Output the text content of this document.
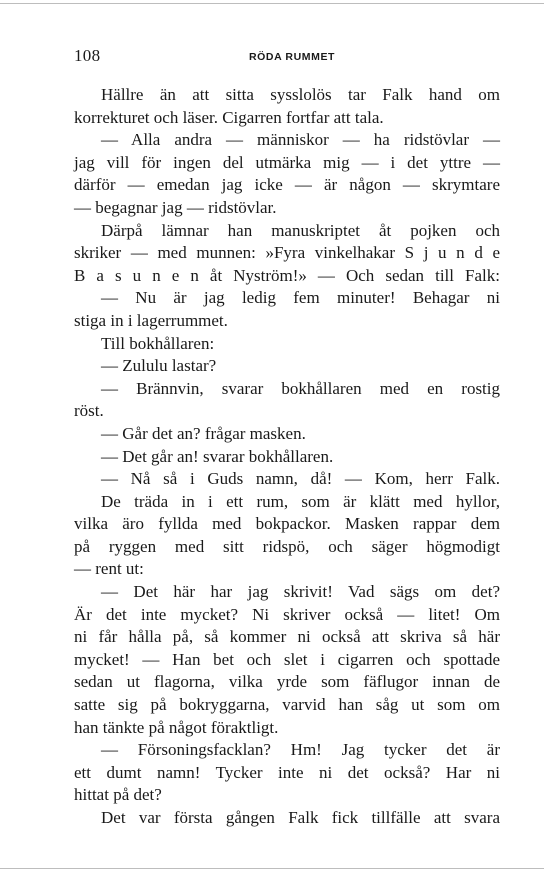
108	RÖDA RUMMET
Hällre än att sitta sysslolös tar Falk hand om
korrekturet och läser. Cigarren fortfar att tala.
— Alla andra — människor — ha ridstövlar —
jag vill för ingen del utmärka mig — i det yttre —
därför — emedan jag icke — är någon — skrymtare
— begagnar jag — ridstövlar.
Därpå lämnar han manuskriptet åt pojken och
skriker — med munnen: »Fyra vinkelhakar S j u n d e
B a s u n e n åt Nyström!» — Och sedan till Falk:
— Nu är jag ledig fem minuter! Behagar ni
stiga in i lagerrummet.
Till bokhållaren:
— Zululu lastar?
— Brännvin, svarar bokhållaren med en rostig
röst.
— Går det an? frågar masken.
— Det går an! svarar bokhållaren.
— Nå så i Guds namn, då! — Kom, herr Falk.
De träda in i ett rum, som är klätt med hyllor,
vilka äro fyllda med bokpackor. Masken rappar dem
på ryggen med sitt ridspö, och säger högmodigt
— rent ut:
— Det här har jag skrivit! Vad sägs om det?
Är det inte mycket? Ni skriver också — litet! Om
ni får hålla på, så kommer ni också att skriva så här
mycket! — Han bet och slet i cigarren och spottade
sedan ut flagorna, vilka yrde som fäflugor innan de
satte sig på bokryggarna, varvid han såg ut som om
han tänkte på något föraktligt.
— Försoningsfacklan? Hm! Jag tycker det är
ett dumt namn! Tycker inte ni det också? Har ni
hittat på det?
Det var första gången Falk fick tillfälle att svara
